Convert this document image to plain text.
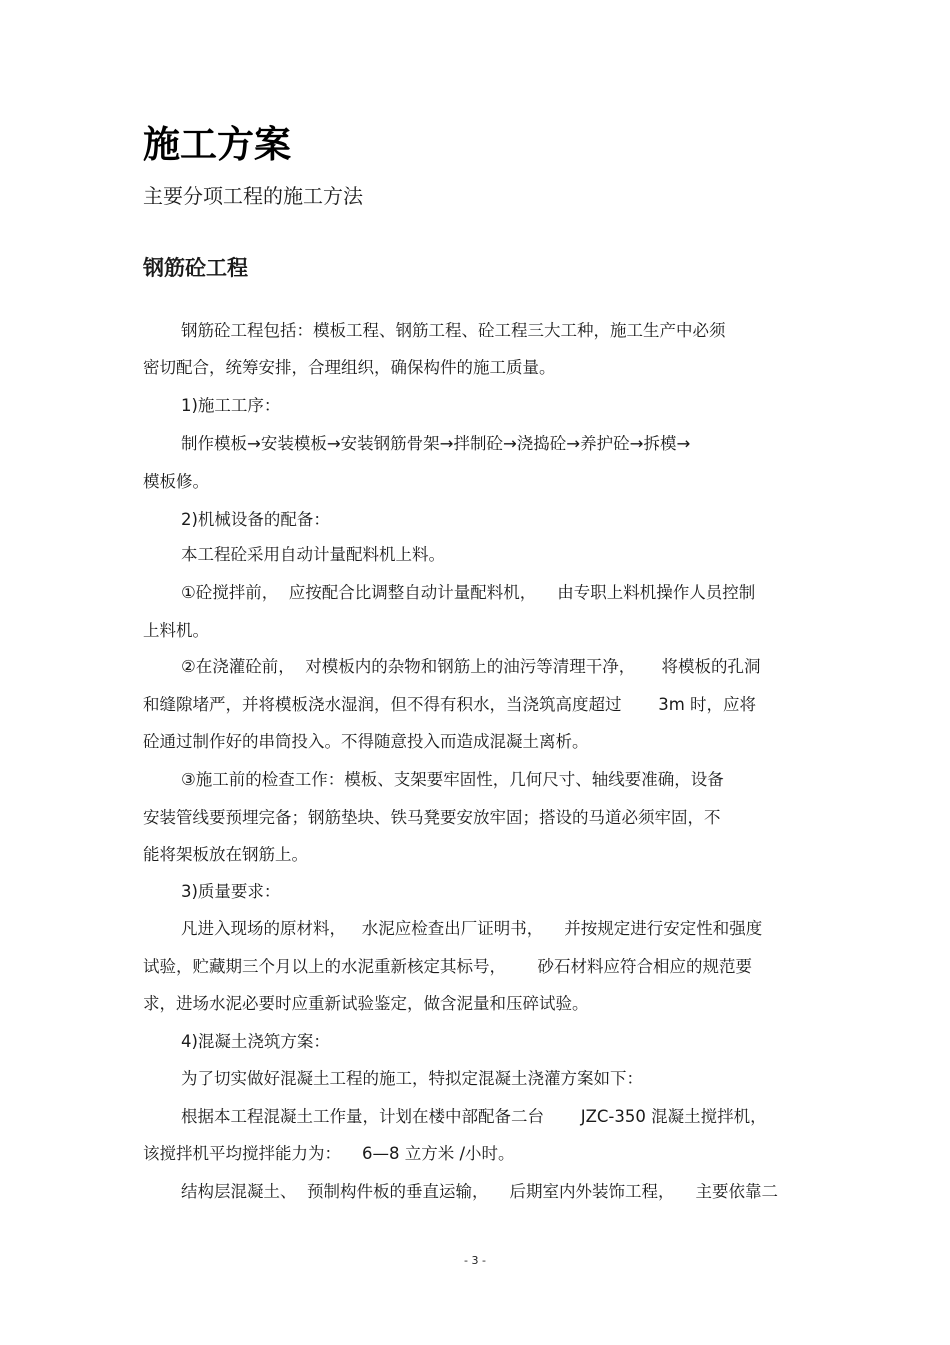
施工方案

主要分项工程的施工方法

钢筋砼工程

钢筋砼工程包括：模板工程、钢筋工程、砼工程三大工种，施工生产中必须

密切配合，统筹安排，合理组织，确保构件的施工质量。

1)施工工序：

制作模板→安装模板→安装钢筋骨架→拌制砼→浇捣砼→养护砼→拆模→

模板修。

2)机械设备的配备：

本工程砼采用自动计量配料机上料。

①砼搅拌前，  应按配合比调整自动计量配料机，    由专职上料机操作人员控制

上料机。

②在浇灌砼前，  对模板内的杂物和钢筋上的油污等清理干净，     将模板的孔洞

和缝隙堵严，并将模板浇水湿润，但不得有积水，当浇筑高度超过       3m 时，应将

砼通过制作好的串筒投入。不得随意投入而造成混凝土离析。

③施工前的检查工作：模板、支架要牢固性，几何尺寸、轴线要准确，设备

安装管线要预埋完备；钢筋垫块、铁马凳要安放牢固；搭设的马道必须牢固，不

能将架板放在钢筋上。

3)质量要求：

凡进入现场的原材料，   水泥应检查出厂证明书，    并按规定进行安定性和强度

试验，贮藏期三个月以上的水泥重新核定其标号，      砂石材料应符合相应的规范要

求，进场水泥必要时应重新试验鉴定，做含泥量和压碎试验。

4)混凝土浇筑方案：

为了切实做好混凝土工程的施工，特拟定混凝土浇灌方案如下：

根据本工程混凝土工作量，计划在楼中部配备二台       JZC-350 混凝土搅拌机，

该搅拌机平均搅拌能力为：    6—8 立方米 /小时。

结构层混凝土、  预制构件板的垂直运输，    后期室内外装饰工程，    主要依靠二

- 3 -
